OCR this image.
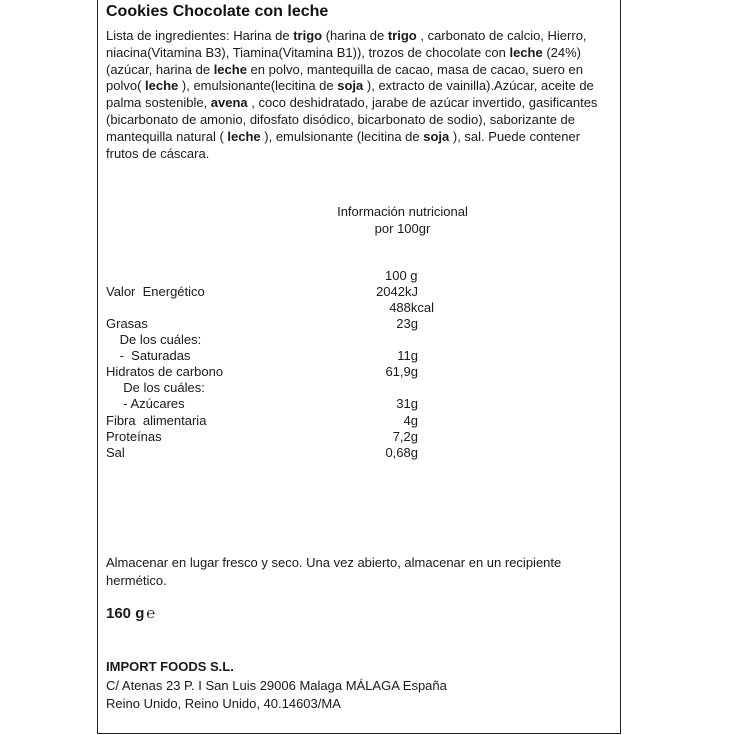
Cookies Chocolate con leche

Lista de ingredientes: Harina de trigo (harina de trigo , carbonato de calcio, Hierro, niacina(Vitamina B3), Tiamina(Vitamina B1)), trozos de chocolate con leche (24%)(azúcar, harina de leche en polvo, mantequilla de cacao, masa de cacao, suero en polvo( leche ), emulsionante(lecitina de soja ), extracto de vainilla).Azúcar, aceite de palma sostenible, avena , coco deshidratado, jarabe de azúcar invertido, gasificantes (bicarbonato de amonio, difosfato disódico, bicarbonato de sodio), saborizante de mantequilla natural ( leche ), emulsionante (lecitina de soja ), sal. Puede contener frutos de cáscara.

Información nutricional
por 100gr
100 g
Valor  Energético	2042kJ
488kcal
Grasas	23g
De los cuáles:
-  Saturadas	11g
Hidratos de carbono	61,9g
De los cuáles:
- Azúcares	31g
Fibra  alimentaria	4g
Proteínas	7,2g
Sal	0,68g

Almacenar en lugar fresco y seco. Una vez abierto, almacenar en un recipiente hermético.

160 g ℮
IMPORT FOODS S.L.

C/ Atenas 23 P. I San Luis 29006 Malaga MÁLAGA España
Reino Unido, Reino Unido, 40.14603/MA
